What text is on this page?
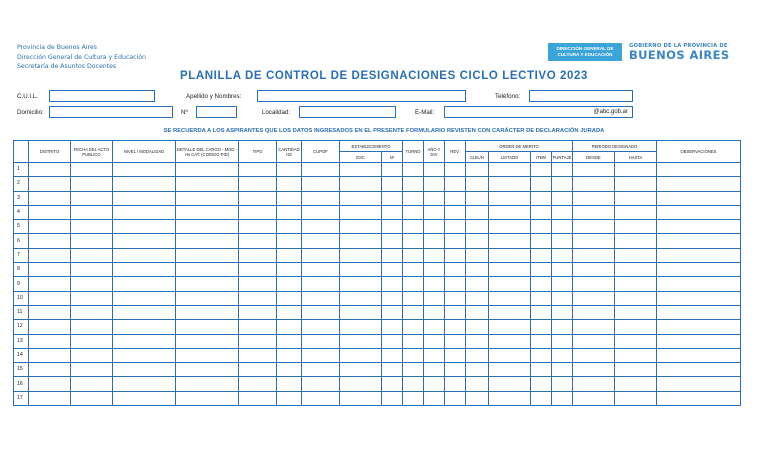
Provincia de Buenos Aires
Dirección General de Cultura y Educación
Secretaría de Asuntos Docentes
DIRECCIÓN GENERAL DE
CULTURA Y EDUCACIÓN
GOBIERNO DE LA PROVINCIA DE
BUENOS AIRES
PLANILLA DE CONTROL DE DESIGNACIONES CICLO LECTIVO 2023
C.U.I.L.	Apellido y Nombres:	Teléfono:
Domicilio:	Nº	Localidad:	E-Mail:	@abc.gob.ar
SE RECUERDA A LOS ASPIRANTES QUE LOS DATOS INGRESADOS EN EL PRESENTE FORMULARIO REVISTEN CON CARÁCTER DE DECLARACIÓN JURADA
	DISTRITO	FECHA DEL ACTO PUBLICO	NIVEL / MODALIDAD	DETALLE DEL CARGO - MOD - Hs CAT. (CODIGO PID)	TIPO	CANTIDAD HS	CUPOF	ESTABLECIMIENTO		TURNO	AÑO Y DIV	REV.	ORDEN DE MERITO				PERIODO DESIGNADO		OBSERVACIONES
								ESC	Nº				CUIL/N	LISTADO	ITEM	PUNTAJE	DESDE	HASTA	
1																			
2																			
3																			
4																			
5																			
6																			
7																			
8																			
9																			
10																			
11																			
12																			
13																			
14																			
15																			
16																			
17																			
